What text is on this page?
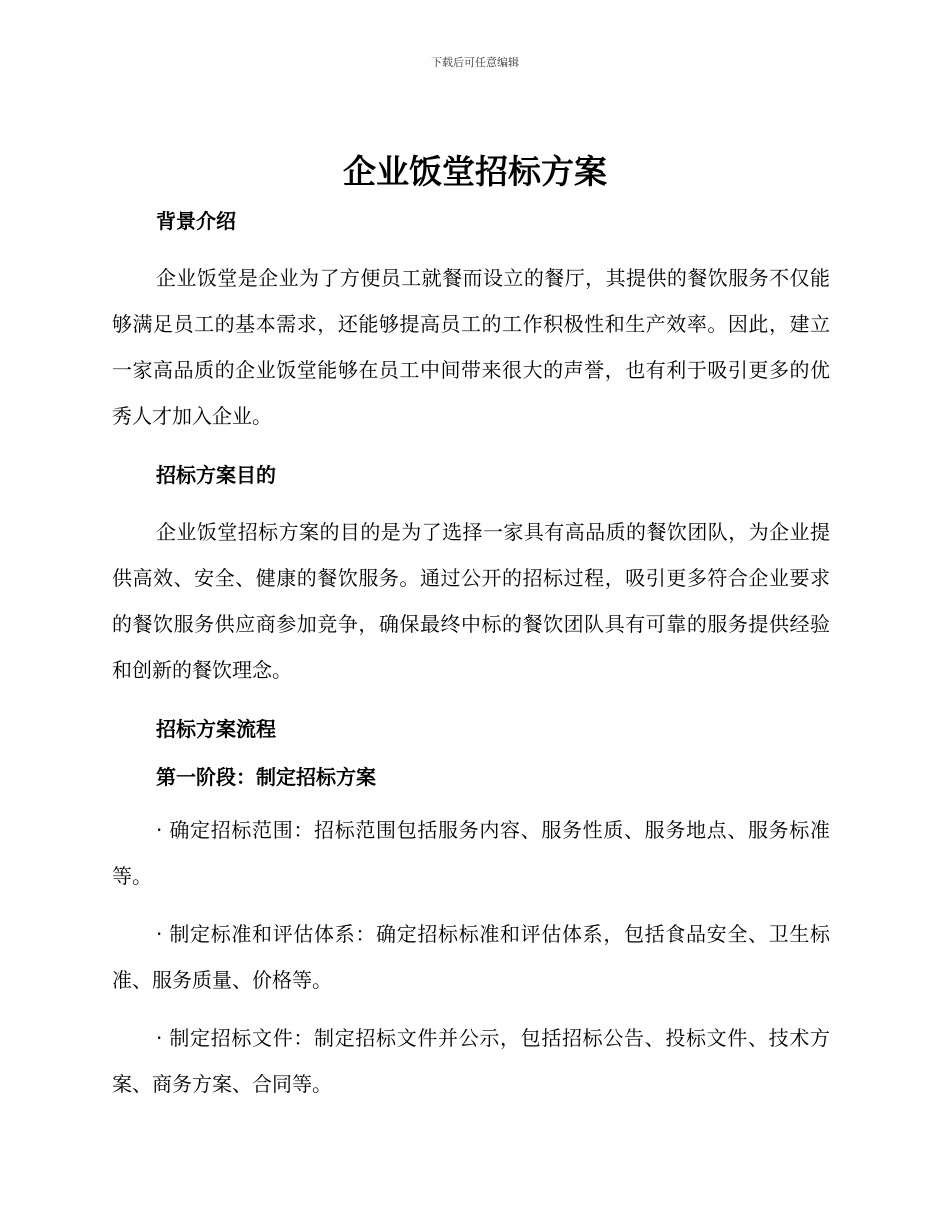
下载后可任意编辑
企业饭堂招标方案

背景介绍

企业饭堂是企业为了方便员工就餐而设立的餐厅，其提供的餐饮服务不仅能够满足员工的基本需求，还能够提高员工的工作积极性和生产效率。因此，建立一家高品质的企业饭堂能够在员工中间带来很大的声誉，也有利于吸引更多的优秀人才加入企业。

招标方案目的

企业饭堂招标方案的目的是为了选择一家具有高品质的餐饮团队，为企业提供高效、安全、健康的餐饮服务。通过公开的招标过程，吸引更多符合企业要求的餐饮服务供应商参加竞争，确保最终中标的餐饮团队具有可靠的服务提供经验和创新的餐饮理念。

招标方案流程

第一阶段：制定招标方案

· 确定招标范围：招标范围包括服务内容、服务性质、服务地点、服务标准等。

· 制定标准和评估体系：确定招标标准和评估体系，包括食品安全、卫生标准、服务质量、价格等。

· 制定招标文件：制定招标文件并公示，包括招标公告、投标文件、技术方案、商务方案、合同等。
